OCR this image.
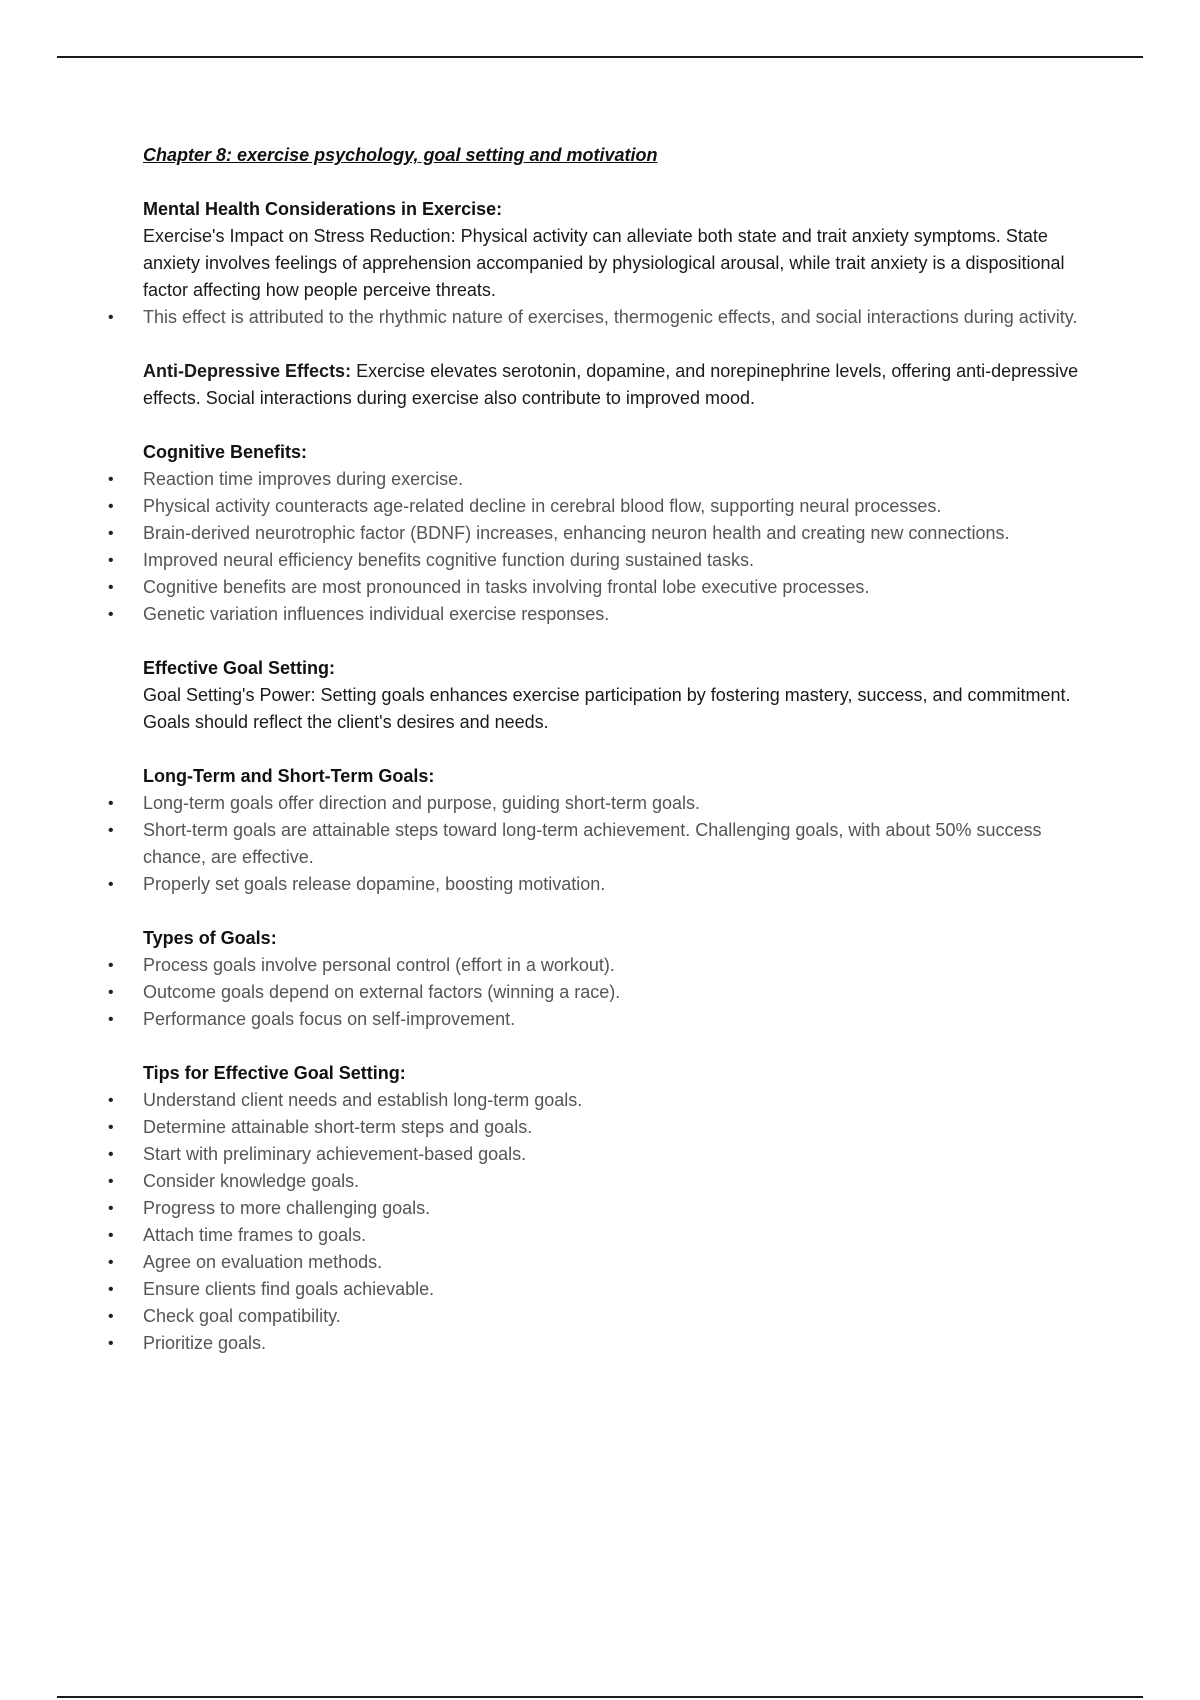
Chapter 8: exercise psychology, goal setting and motivation

Mental Health Considerations in Exercise:

Exercise's Impact on Stress Reduction: Physical activity can alleviate both state and trait anxiety symptoms. State anxiety involves feelings of apprehension accompanied by physiological arousal, while trait anxiety is a dispositional factor affecting how people perceive threats.

• This effect is attributed to the rhythmic nature of exercises, thermogenic effects, and social interactions during activity.

Anti-Depressive Effects: Exercise elevates serotonin, dopamine, and norepinephrine levels, offering anti-depressive effects. Social interactions during exercise also contribute to improved mood.

Cognitive Benefits:

• Reaction time improves during exercise.
• Physical activity counteracts age-related decline in cerebral blood flow, supporting neural processes.
• Brain-derived neurotrophic factor (BDNF) increases, enhancing neuron health and creating new connections.
• Improved neural efficiency benefits cognitive function during sustained tasks.
• Cognitive benefits are most pronounced in tasks involving frontal lobe executive processes.
• Genetic variation influences individual exercise responses.

Effective Goal Setting:

Goal Setting's Power: Setting goals enhances exercise participation by fostering mastery, success, and commitment. Goals should reflect the client's desires and needs.

Long-Term and Short-Term Goals:

• Long-term goals offer direction and purpose, guiding short-term goals.
• Short-term goals are attainable steps toward long-term achievement. Challenging goals, with about 50% success chance, are effective.
• Properly set goals release dopamine, boosting motivation.

Types of Goals:

• Process goals involve personal control (effort in a workout).
• Outcome goals depend on external factors (winning a race).
• Performance goals focus on self-improvement.

Tips for Effective Goal Setting:

• Understand client needs and establish long-term goals.
• Determine attainable short-term steps and goals.
• Start with preliminary achievement-based goals.
• Consider knowledge goals.
• Progress to more challenging goals.
• Attach time frames to goals.
• Agree on evaluation methods.
• Ensure clients find goals achievable.
• Check goal compatibility.
• Prioritize goals.
